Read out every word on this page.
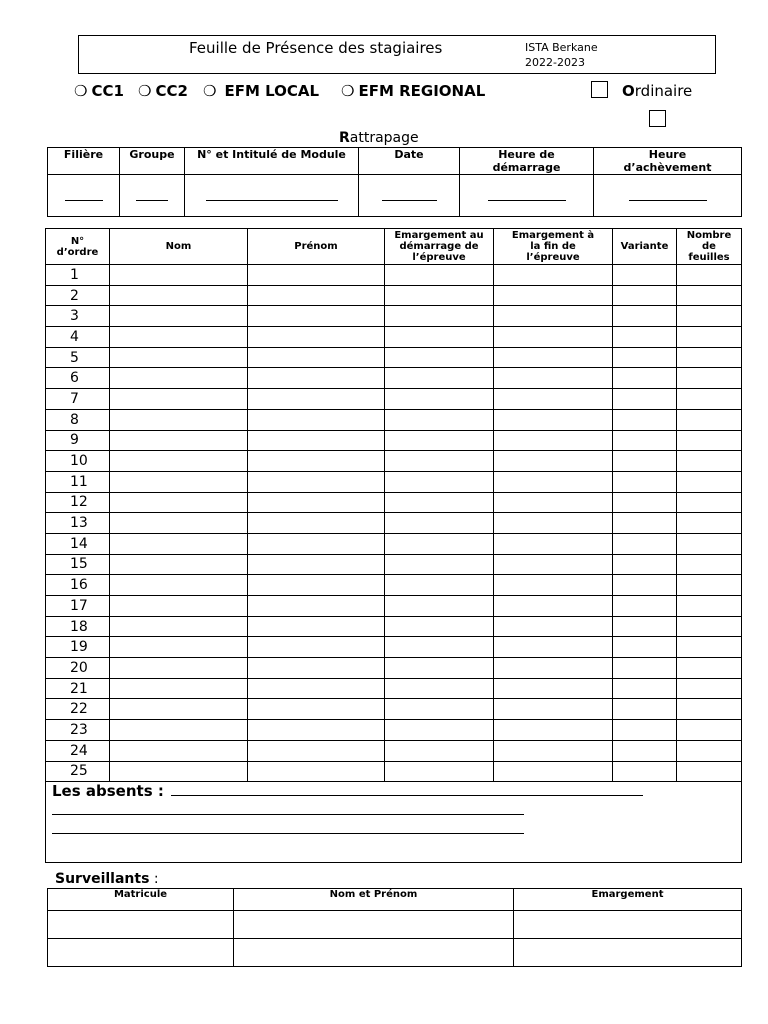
Feuille de Présence des stagiaires	ISTA Berkane
2022-2023
❍ CC1 ❍ CC2 ❍ EFM LOCAL ❍ EFM REGIONAL	Ordinaire
Rattrapage
Filière	Groupe	N° et Intitulé de Module	Date	Heure de démarrage	Heure d’achèvement

N° d’ordre	Nom	Prénom	Emargement au démarrage de l’épreuve	Emargement à la fin de l’épreuve	Variante	Nombre de feuilles
1						
2						
3						
4						
5						
6						
7						
8						
9						
10						
11						
12						
13						
14						
15						
16						
17						
18						
19						
20						
21						
22						
23						
24						
25						

Les absents :						
Surveillants :
Matricule	Nom et Prénom	Emargement
